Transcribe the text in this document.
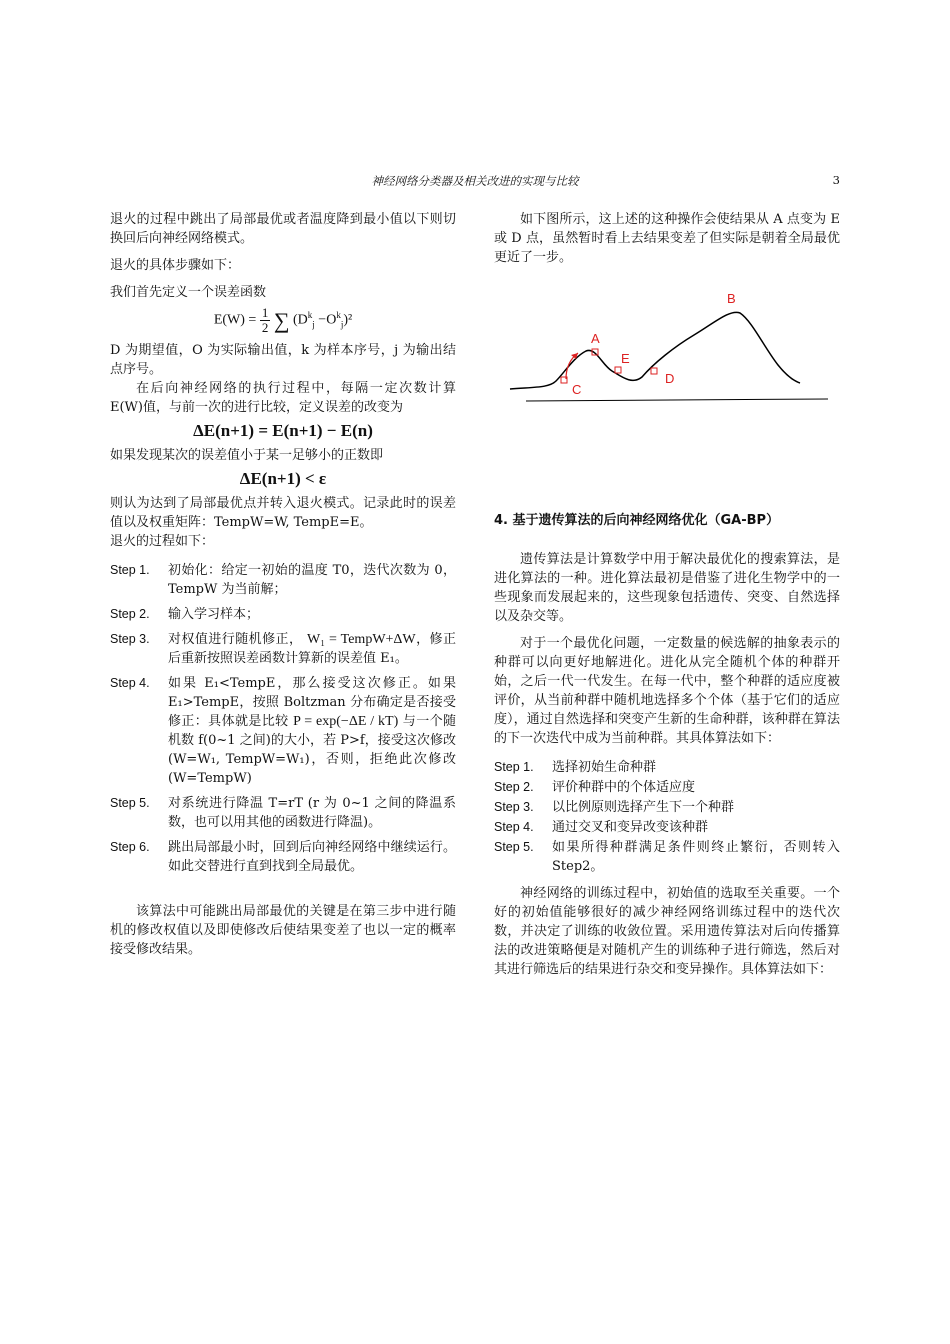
神经网络分类器及相关改进的实现与比较	3

退火的过程中跳出了局部最优或者温度降到最小值以下则切换回后向神经网络模式。

退火的具体步骤如下：

我们首先定义一个误差函数

$E(W) = \frac{1}{2}$ ∑ $(D^k_j -O^k_j)^2$

D 为期望值，O 为实际输出值，k 为样本序号，j 为输出结点序号。

在后向神经网络的执行过程中，每隔一定次数计算 E(W)值，与前一次的进行比较，定义误差的改变为

ΔE(n+1) = E(n+1) − E(n)

如果发现某次的误差值小于某一足够小的正数即

ΔE(n+1) < ε

则认为达到了局部最优点并转入退火模式。记录此时的误差值以及权重矩阵：TempW=W, TempE=E。

退火的过程如下：

Step 1.	初始化：给定一初始的温度 T0，迭代次数为 0，TempW 为当前解；
Step 2.	输入学习样本；
Step 3.	对权值进行随机修正， W₁ = TempW+ΔW，修正后重新按照误差函数计算新的误差值 E₁。
Step 4.	如果 E₁<TempE，那么接受这次修正。如果 E₁>TempE，按照 Boltzman 分布确定是否接受修正：具体就是比较 P = exp(−ΔE / kT) 与一个随机数 f(0~1 之间)的大小，若 P>f，接受这次修改(W=W₁, TempW=W₁)，否则，拒绝此次修改(W=TempW)
Step 5.	对系统进行降温 T=rT (r 为 0~1 之间的降温系数，也可以用其他的函数进行降温)。
Step 6.	跳出局部最小时，回到后向神经网络中继续运行。如此交替进行直到找到全局最优。

该算法中可能跳出局部最优的关键是在第三步中进行随机的修改权值以及即使修改后使结果变差了也以一定的概率接受修改结果。

如下图所示，这上述的这种操作会使结果从 A 点变为 E 或 D 点，虽然暂时看上去结果变差了但实际是朝着全局最优更近了一步。

A
B
C
D
E
4. 基于遗传算法的后向神经网络优化（GA-BP）

遗传算法是计算数学中用于解决最优化的搜索算法，是进化算法的一种。进化算法最初是借鉴了进化生物学中的一些现象而发展起来的，这些现象包括遗传、突变、自然选择以及杂交等。

对于一个最优化问题，一定数量的候选解的抽象表示的种群可以向更好地解进化。进化从完全随机个体的种群开始，之后一代一代发生。在每一代中，整个种群的适应度被评价，从当前种群中随机地选择多个个体（基于它们的适应度），通过自然选择和突变产生新的生命种群，该种群在算法的下一次迭代中成为当前种群。其具体算法如下：

Step 1.	选择初始生命种群
Step 2.	评价种群中的个体适应度
Step 3.	以比例原则选择产生下一个种群
Step 4.	通过交叉和变异改变该种群
Step 5.	如果所得种群满足条件则终止繁衍，否则转入 Step2。

神经网络的训练过程中，初始值的选取至关重要。一个好的初始值能够很好的减少神经网络训练过程中的迭代次数，并决定了训练的收敛位置。采用遗传算法对后向传播算法的改进策略便是对随机产生的训练种子进行筛选，然后对其进行筛选后的结果进行杂交和变异操作。具体算法如下：
